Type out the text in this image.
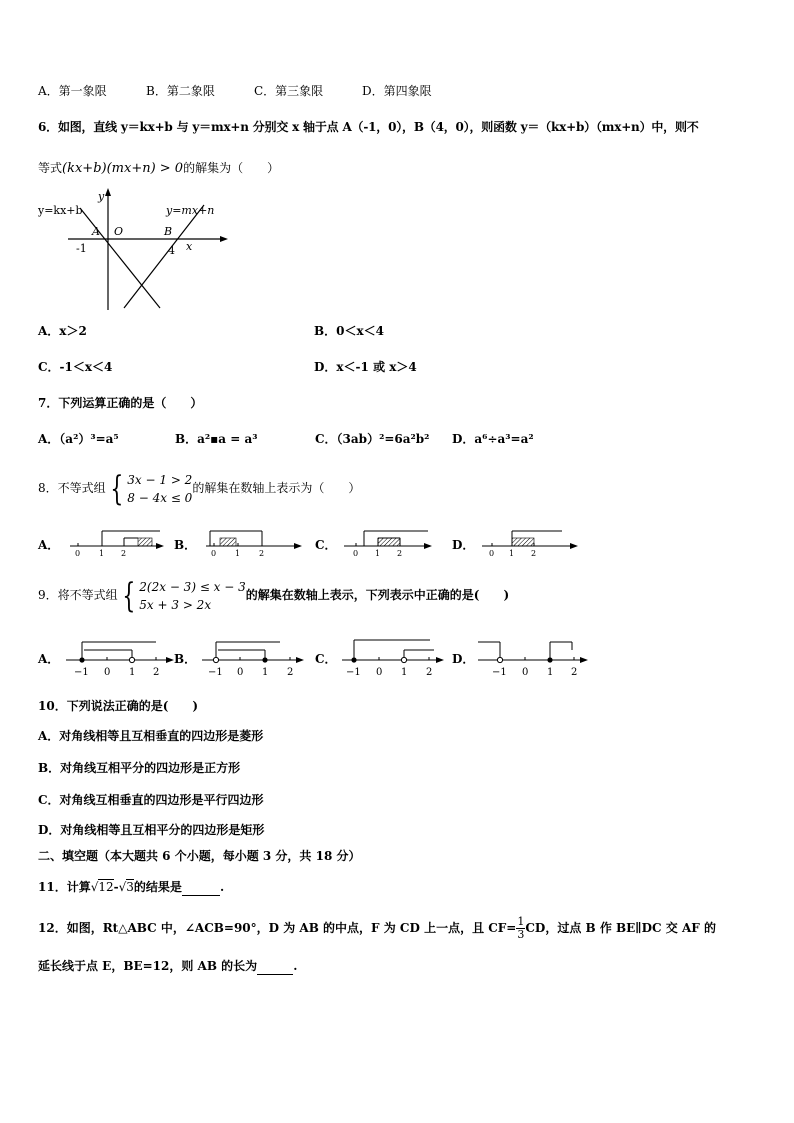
A．第一象限	B．第二象限	C．第三象限	D．第四象限
6．如图，直线 y＝kx+b 与 y＝mx+n 分别交 x 轴于点 A（-1，0），B（4，0），则函数 y＝（kx+b）（mx+n）中，则不
等式(kx+b)(mx+n) > 0的解集为（　　）
y=kx+b	y=mx+n
y
x
A O	B
-1	4
A．x＞2	B．0＜x＜4
C．-1＜x＜4	D．x＜-1 或 x＞4
7．下列运算正确的是（　　）
A．（a²）³=a⁵	B．a²▪a = a³	C．（3ab）²=6a²b² D．a⁶÷a³=a²
8．不等式组 { 3x − 1 > 2
8 − 4x ≤ 0
的解集在数轴上表示为（　　）
A．	B．	C．	D．
0 1 2	0 1 2	0 1 2	0 1 2
9．将不等式组 { 2(2x − 3) ≤ x − 3
5x + 3 > 2x
的解集在数轴上表示，下列表示中正确的是(　　)
A．	B．	C．	D．
−1 0 1 2	−1 0 1 2	−1 0 1 2	−1 0 1 2
10．下列说法正确的是(　　)
A．对角线相等且互相垂直的四边形是菱形
B．对角线互相平分的四边形是正方形
C．对角线互相垂直的四边形是平行四边形
D．对角线相等且互相平分的四边形是矩形
二、填空题（本大题共 6 个小题，每小题 3 分，共 18 分）
11．计算√12-√3的结果是	.
12．如图，Rt△ABC 中，∠ACB=90°，D 为 AB 的中点，F 为 CD 上一点，且 $CF= \frac{1}{3}$ CD，过点 B 作 BE∥DC 交 AF 的
延长线于点 E，BE=12，则 AB 的长为	.
